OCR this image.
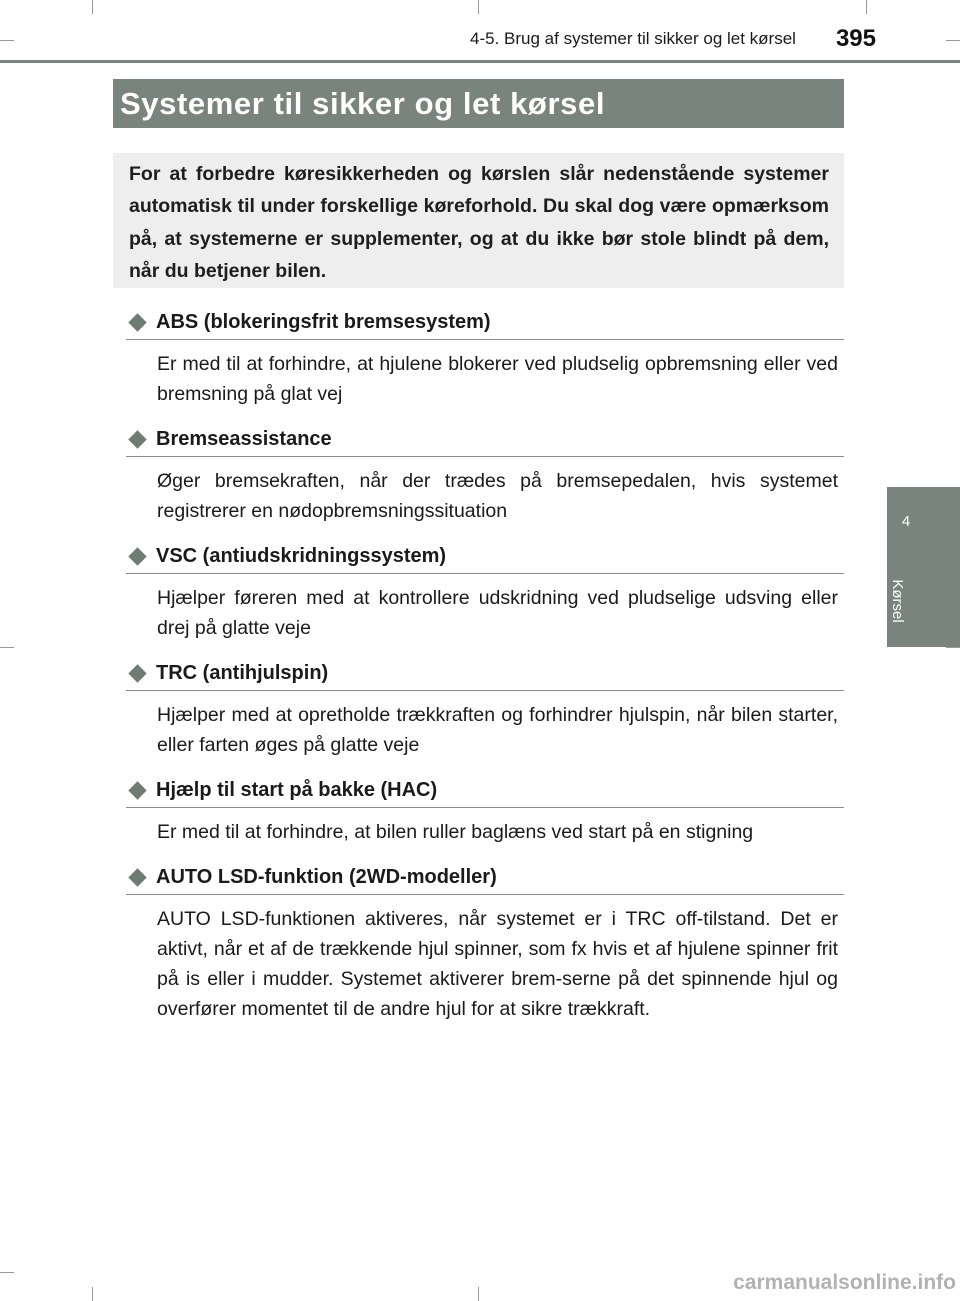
4-5. Brug af systemer til sikker og let kørsel 395
Systemer til sikker og let kørsel

For at forbedre køresikkerheden og kørslen slår nedenstående systemer automatisk til under forskellige køreforhold. Du skal dog være opmærksom på, at systemerne er supplementer, og at du ikke bør stole blindt på dem, når du betjener bilen.

ABS (blokeringsfrit bremsesystem)
Er med til at forhindre, at hjulene blokerer ved pludselig opbremsning eller ved bremsning på glat vej
Bremseassistance
Øger bremsekraften, når der trædes på bremsepedalen, hvis systemet registrerer en nødopbremsningssituation
VSC (antiudskridningssystem)
Hjælper føreren med at kontrollere udskridning ved pludselige udsving eller drej på glatte veje
TRC (antihjulspin)
Hjælper med at opretholde trækkraften og forhindrer hjulspin, når bilen starter, eller farten øges på glatte veje
Hjælp til start på bakke (HAC)
Er med til at forhindre, at bilen ruller baglæns ved start på en stigning
AUTO LSD-funktion (2WD-modeller)
AUTO LSD-funktionen aktiveres, når systemet er i TRC off-tilstand. Det er aktivt, når et af de trækkende hjul spinner, som fx hvis et af hjulene spinner frit på is eller i mudder. Systemet aktiverer brem-serne på det spinnende hjul og overfører momentet til de andre hjul for at sikre trækkraft.
4
Kørsel
carmanualsonline.info
